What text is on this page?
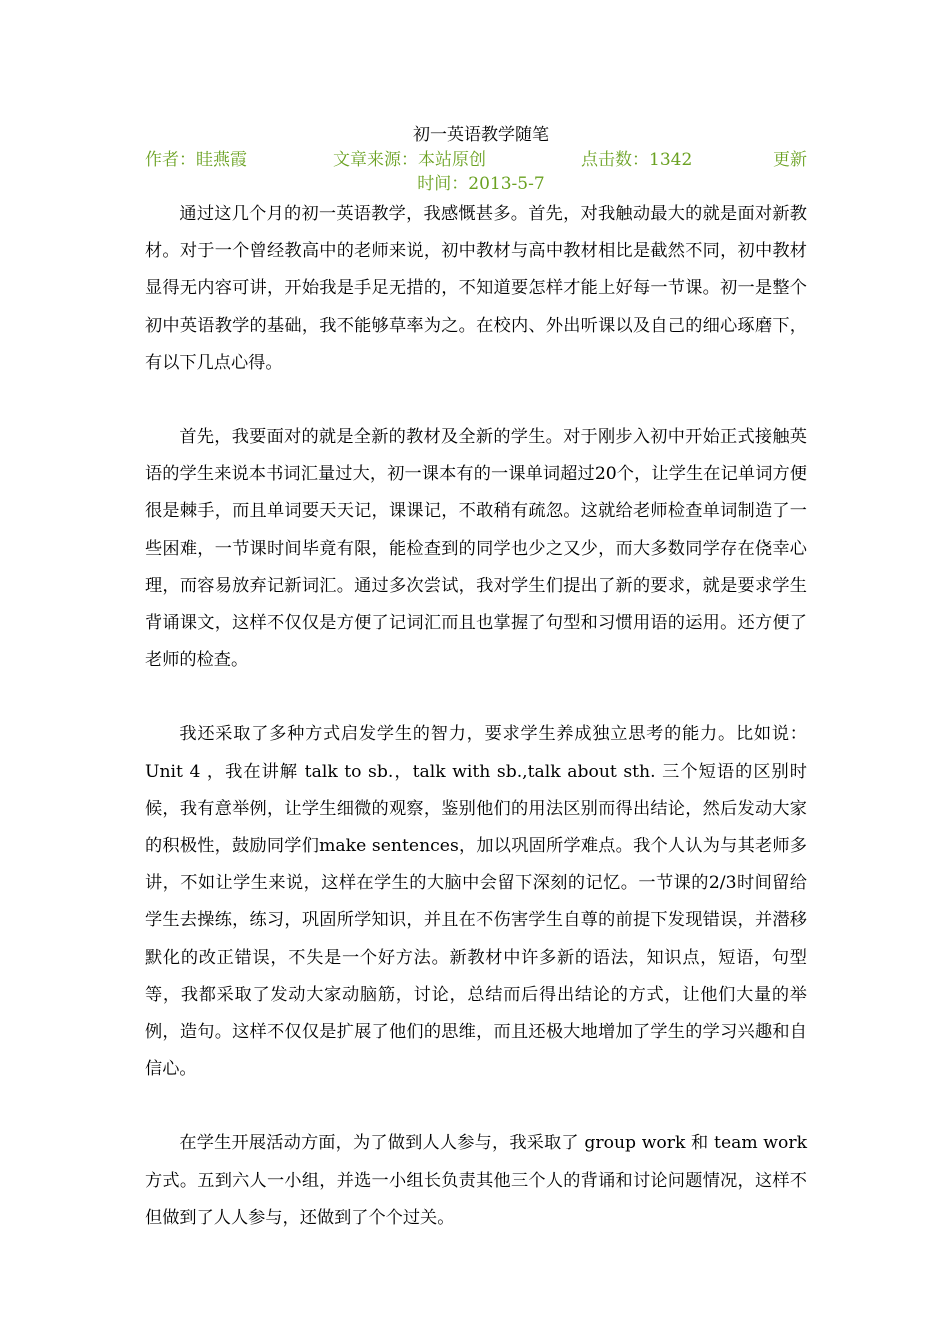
初一英语教学随笔
作者：眭燕霞	文章来源：本站原创	点击数：1342	更新
时间：2013-5-7

通过这几个月的初一英语教学，我感慨甚多。首先，对我触动最大的就是面对新教材。对于一个曾经教高中的老师来说，初中教材与高中教材相比是截然不同，初中教材显得无内容可讲，开始我是手足无措的，不知道要怎样才能上好每一节课。初一是整个初中英语教学的基础，我不能够草率为之。在校内、外出听课以及自己的细心琢磨下，有以下几点心得。

首先，我要面对的就是全新的教材及全新的学生。对于刚步入初中开始正式接触英语的学生来说本书词汇量过大，初一课本有的一课单词超过20个，让学生在记单词方便很是棘手，而且单词要天天记，课课记，不敢稍有疏忽。这就给老师检查单词制造了一些困难，一节课时间毕竟有限，能检查到的同学也少之又少，而大多数同学存在侥幸心理，而容易放弃记新词汇。通过多次尝试，我对学生们提出了新的要求，就是要求学生背诵课文，这样不仅仅是方便了记词汇而且也掌握了句型和习惯用语的运用。还方便了老师的检查。

我还采取了多种方式启发学生的智力，要求学生养成独立思考的能力。比如说：Unit 4 ，我在讲解 talk to sb.，talk with sb.,talk about sth. 三个短语的区别时候，我有意举例，让学生细微的观察，鉴别他们的用法区别而得出结论，然后发动大家的积极性，鼓励同学们make sentences，加以巩固所学难点。我个人认为与其老师多讲，不如让学生来说，这样在学生的大脑中会留下深刻的记忆。一节课的2/3时间留给学生去操练，练习，巩固所学知识，并且在不伤害学生自尊的前提下发现错误，并潜移默化的改正错误，不失是一个好方法。新教材中许多新的语法，知识点，短语，句型等，我都采取了发动大家动脑筋，讨论，总结而后得出结论的方式，让他们大量的举例，造句。这样不仅仅是扩展了他们的思维，而且还极大地增加了学生的学习兴趣和自信心。

在学生开展活动方面，为了做到人人参与，我采取了 group work 和 team work 方式。五到六人一小组，并选一小组长负责其他三个人的背诵和讨论问题情况，这样不但做到了人人参与，还做到了个个过关。
